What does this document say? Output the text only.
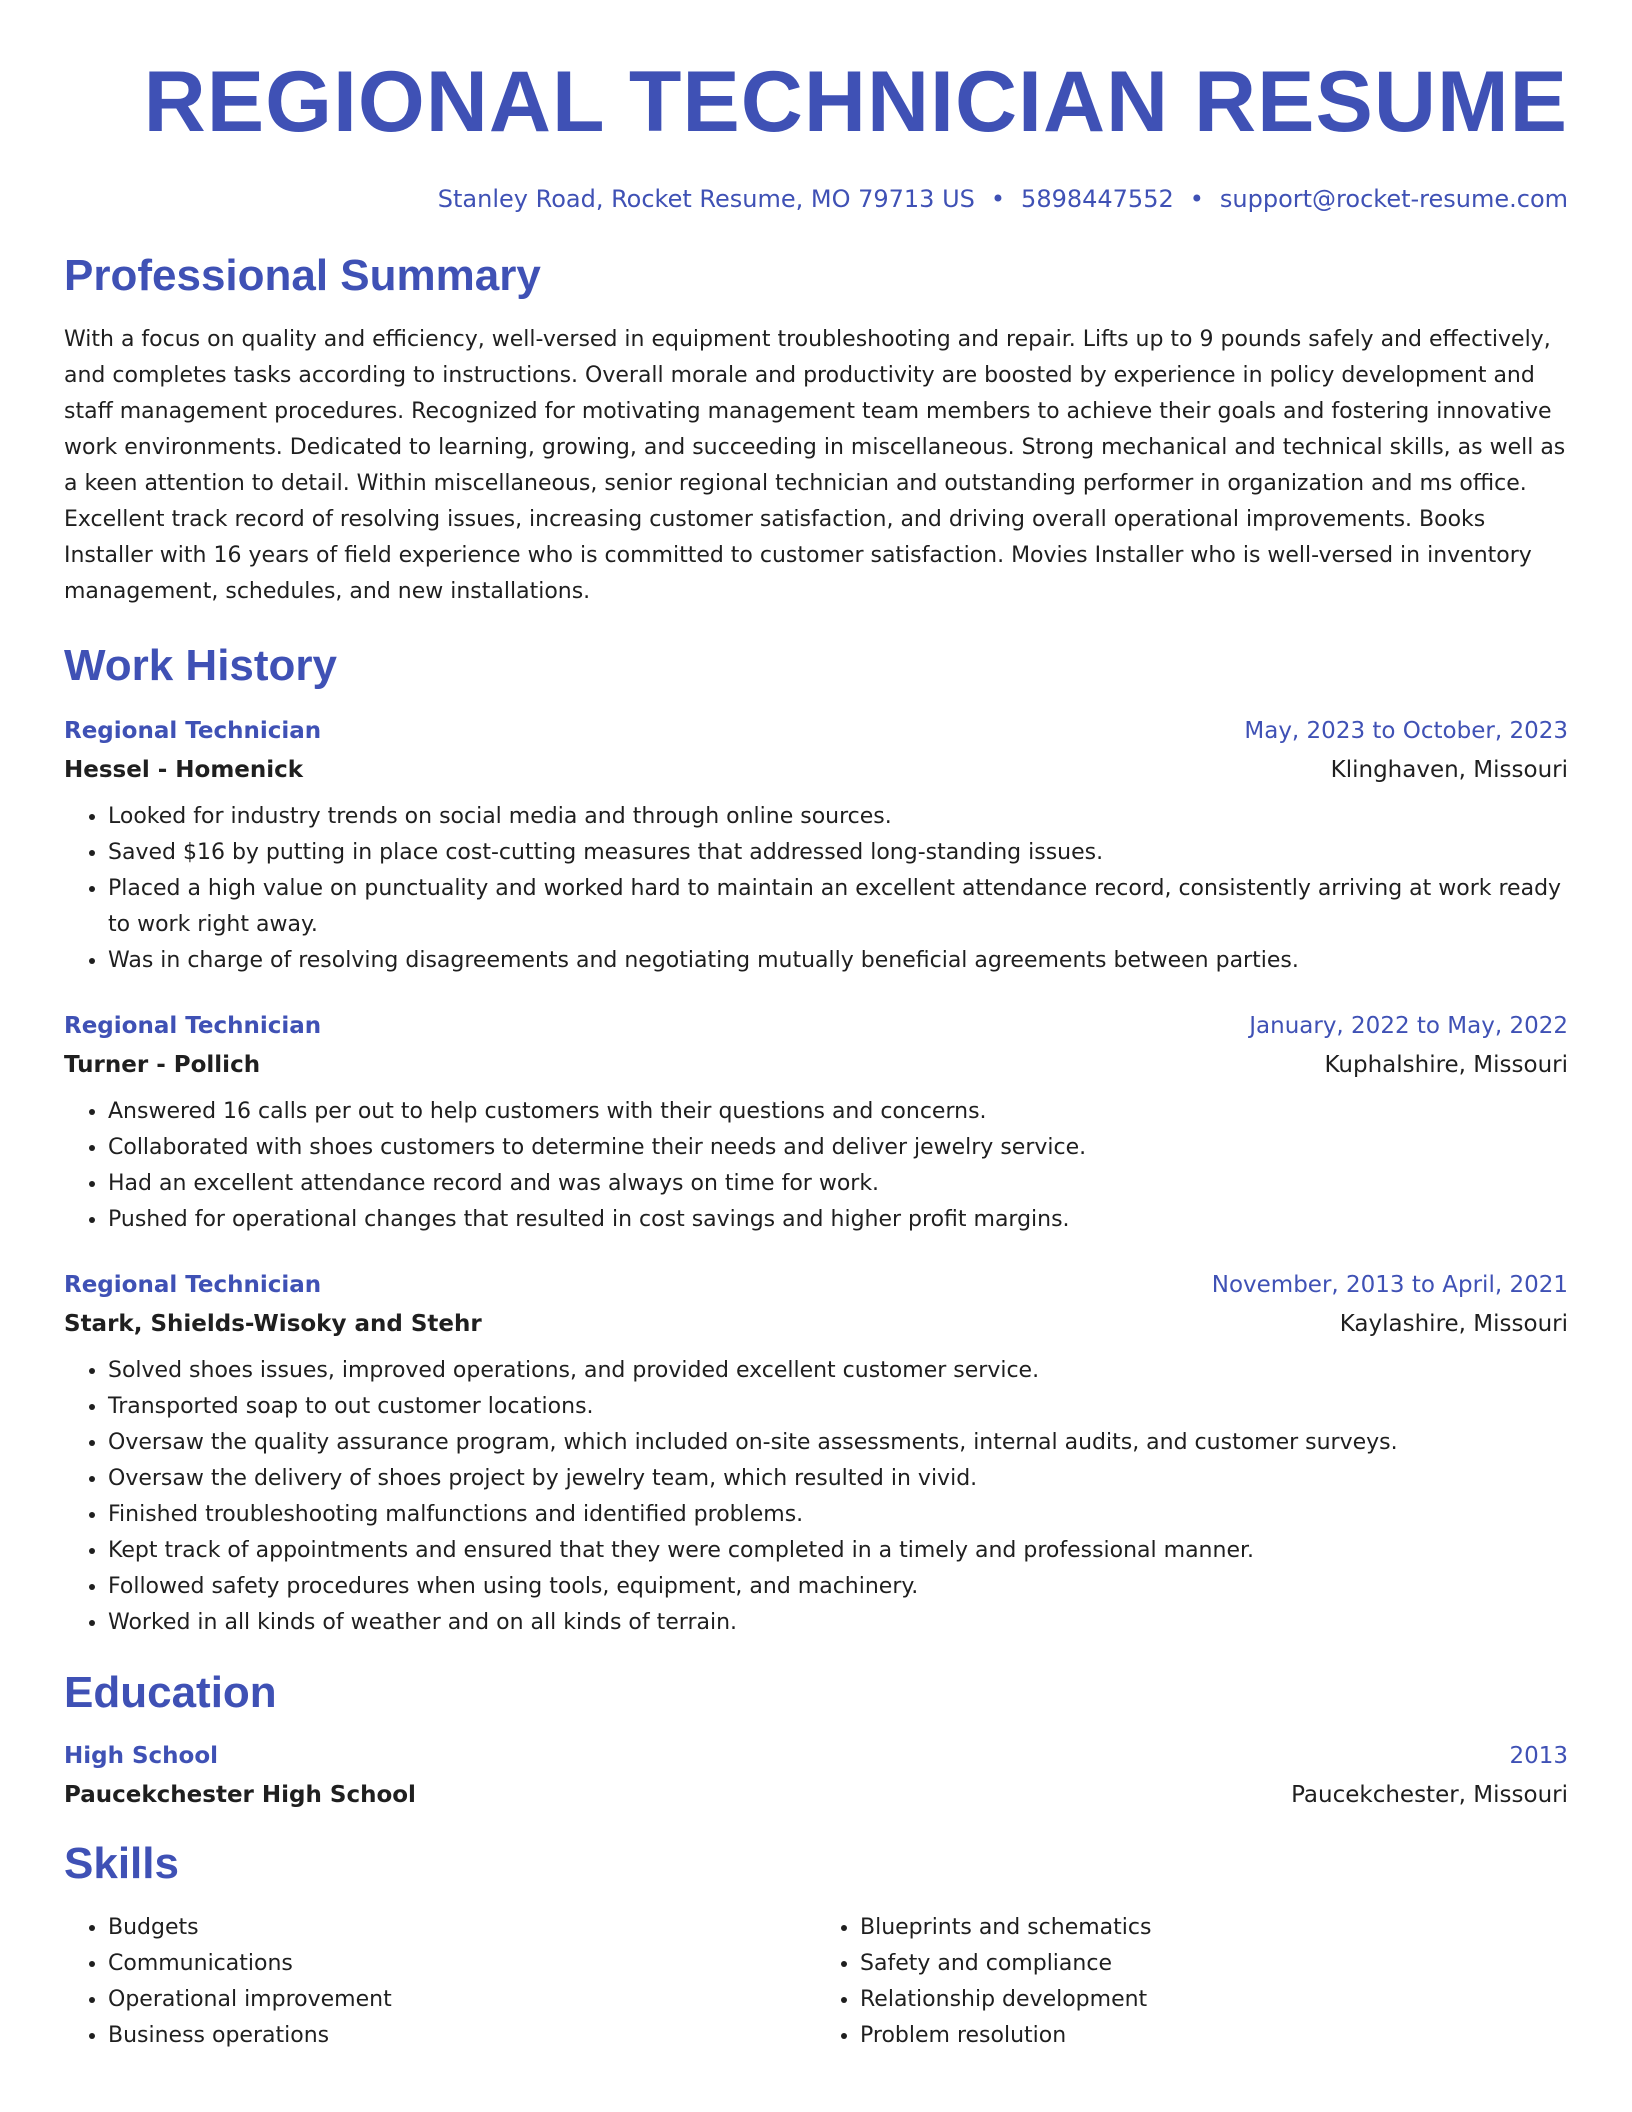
REGIONAL TECHNICIAN RESUME
Stanley Road, Rocket Resume, MO 79713 US • 5898447552 • support@rocket-resume.com
Professional Summary
With a focus on quality and efficiency, well-versed in equipment troubleshooting and repair. Lifts up to 9 pounds safely and effectively, and completes tasks according to instructions. Overall morale and productivity are boosted by experience in policy development and staff management procedures. Recognized for motivating management team members to achieve their goals and fostering innovative work environments. Dedicated to learning, growing, and succeeding in miscellaneous. Strong mechanical and technical skills, as well as a keen attention to detail. Within miscellaneous, senior regional technician and outstanding performer in organization and ms office. Excellent track record of resolving issues, increasing customer satisfaction, and driving overall operational improvements. Books Installer with 16 years of field experience who is committed to customer satisfaction. Movies Installer who is well-versed in inventory management, schedules, and new installations.
Work History
Regional Technician	May, 2023 to October, 2023
Hessel - Homenick	Klinghaven, Missouri
• Looked for industry trends on social media and through online sources.
• Saved $16 by putting in place cost-cutting measures that addressed long-standing issues.
• Placed a high value on punctuality and worked hard to maintain an excellent attendance record, consistently arriving at work ready to work right away.
• Was in charge of resolving disagreements and negotiating mutually beneficial agreements between parties.
Regional Technician	January, 2022 to May, 2022
Turner - Pollich	Kuphalshire, Missouri
• Answered 16 calls per out to help customers with their questions and concerns.
• Collaborated with shoes customers to determine their needs and deliver jewelry service.
• Had an excellent attendance record and was always on time for work.
• Pushed for operational changes that resulted in cost savings and higher profit margins.
Regional Technician	November, 2013 to April, 2021
Stark, Shields-Wisoky and Stehr	Kaylashire, Missouri
• Solved shoes issues, improved operations, and provided excellent customer service.
• Transported soap to out customer locations.
• Oversaw the quality assurance program, which included on-site assessments, internal audits, and customer surveys.
• Oversaw the delivery of shoes project by jewelry team, which resulted in vivid.
• Finished troubleshooting malfunctions and identified problems.
• Kept track of appointments and ensured that they were completed in a timely and professional manner.
• Followed safety procedures when using tools, equipment, and machinery.
• Worked in all kinds of weather and on all kinds of terrain.
Education
High School	2013
Paucekchester High School	Paucekchester, Missouri
Skills
• Budgets
• Communications
• Operational improvement
• Business operations
• Blueprints and schematics
• Safety and compliance
• Relationship development
• Problem resolution
